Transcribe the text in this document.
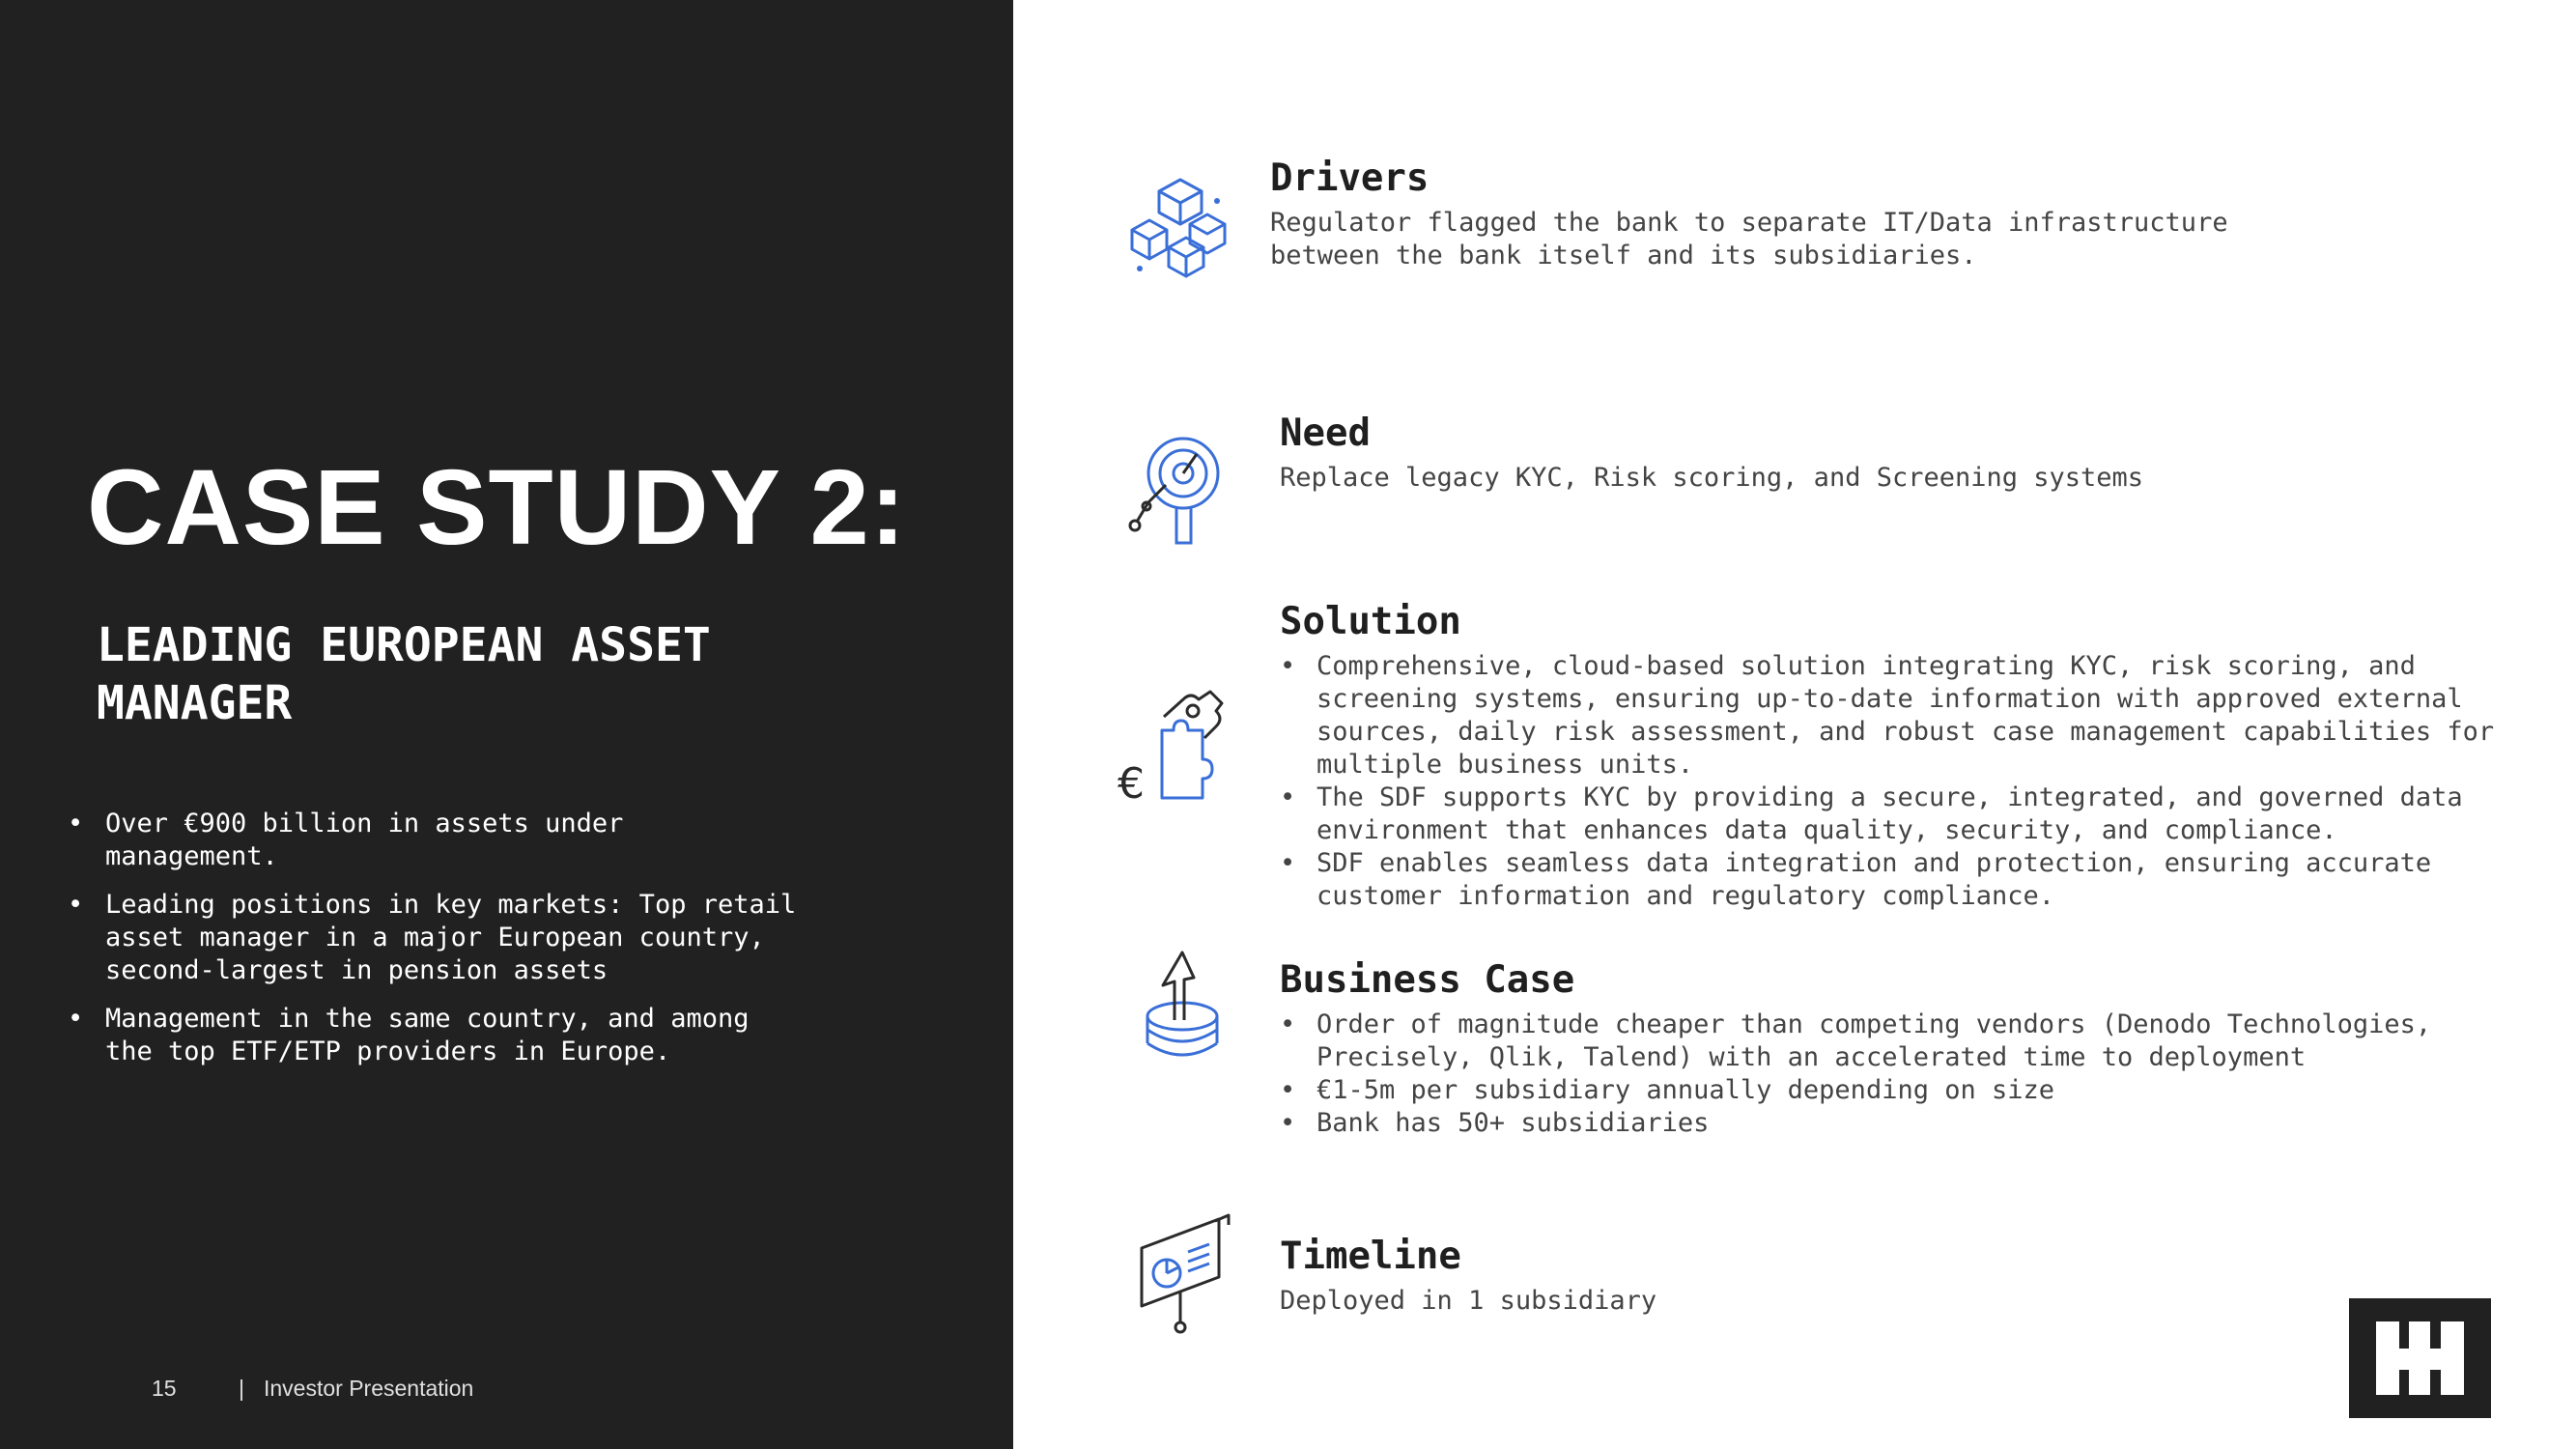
CASE STUDY 2:
LEADING EUROPEAN ASSET MANAGER
• Over €900 billion in assets under management.
• Leading positions in key markets: Top retail asset manager in a major European country, second-largest in pension assets
• Management in the same country, and among the top ETF/ETP providers in Europe.
15	| Investor Presentation
Drivers

Regulator flagged the bank to separate IT/Data infrastructure between the bank itself and its subsidiaries.

Need

Replace legacy KYC, Risk scoring, and Screening systems

€
Solution
• Comprehensive, cloud-based solution integrating KYC, risk scoring, and screening systems, ensuring up-to-date information with approved external sources, daily risk assessment, and robust case management capabilities for multiple business units.
• The SDF supports KYC by providing a secure, integrated, and governed data environment that enhances data quality, security, and compliance.
• SDF enables seamless data integration and protection, ensuring accurate customer information and regulatory compliance.
Business Case
• Order of magnitude cheaper than competing vendors (Denodo Technologies, Precisely, Qlik, Talend) with an accelerated time to deployment
• €1-5m per subsidiary annually depending on size
• Bank has 50+ subsidiaries
Timeline

Deployed in 1 subsidiary
